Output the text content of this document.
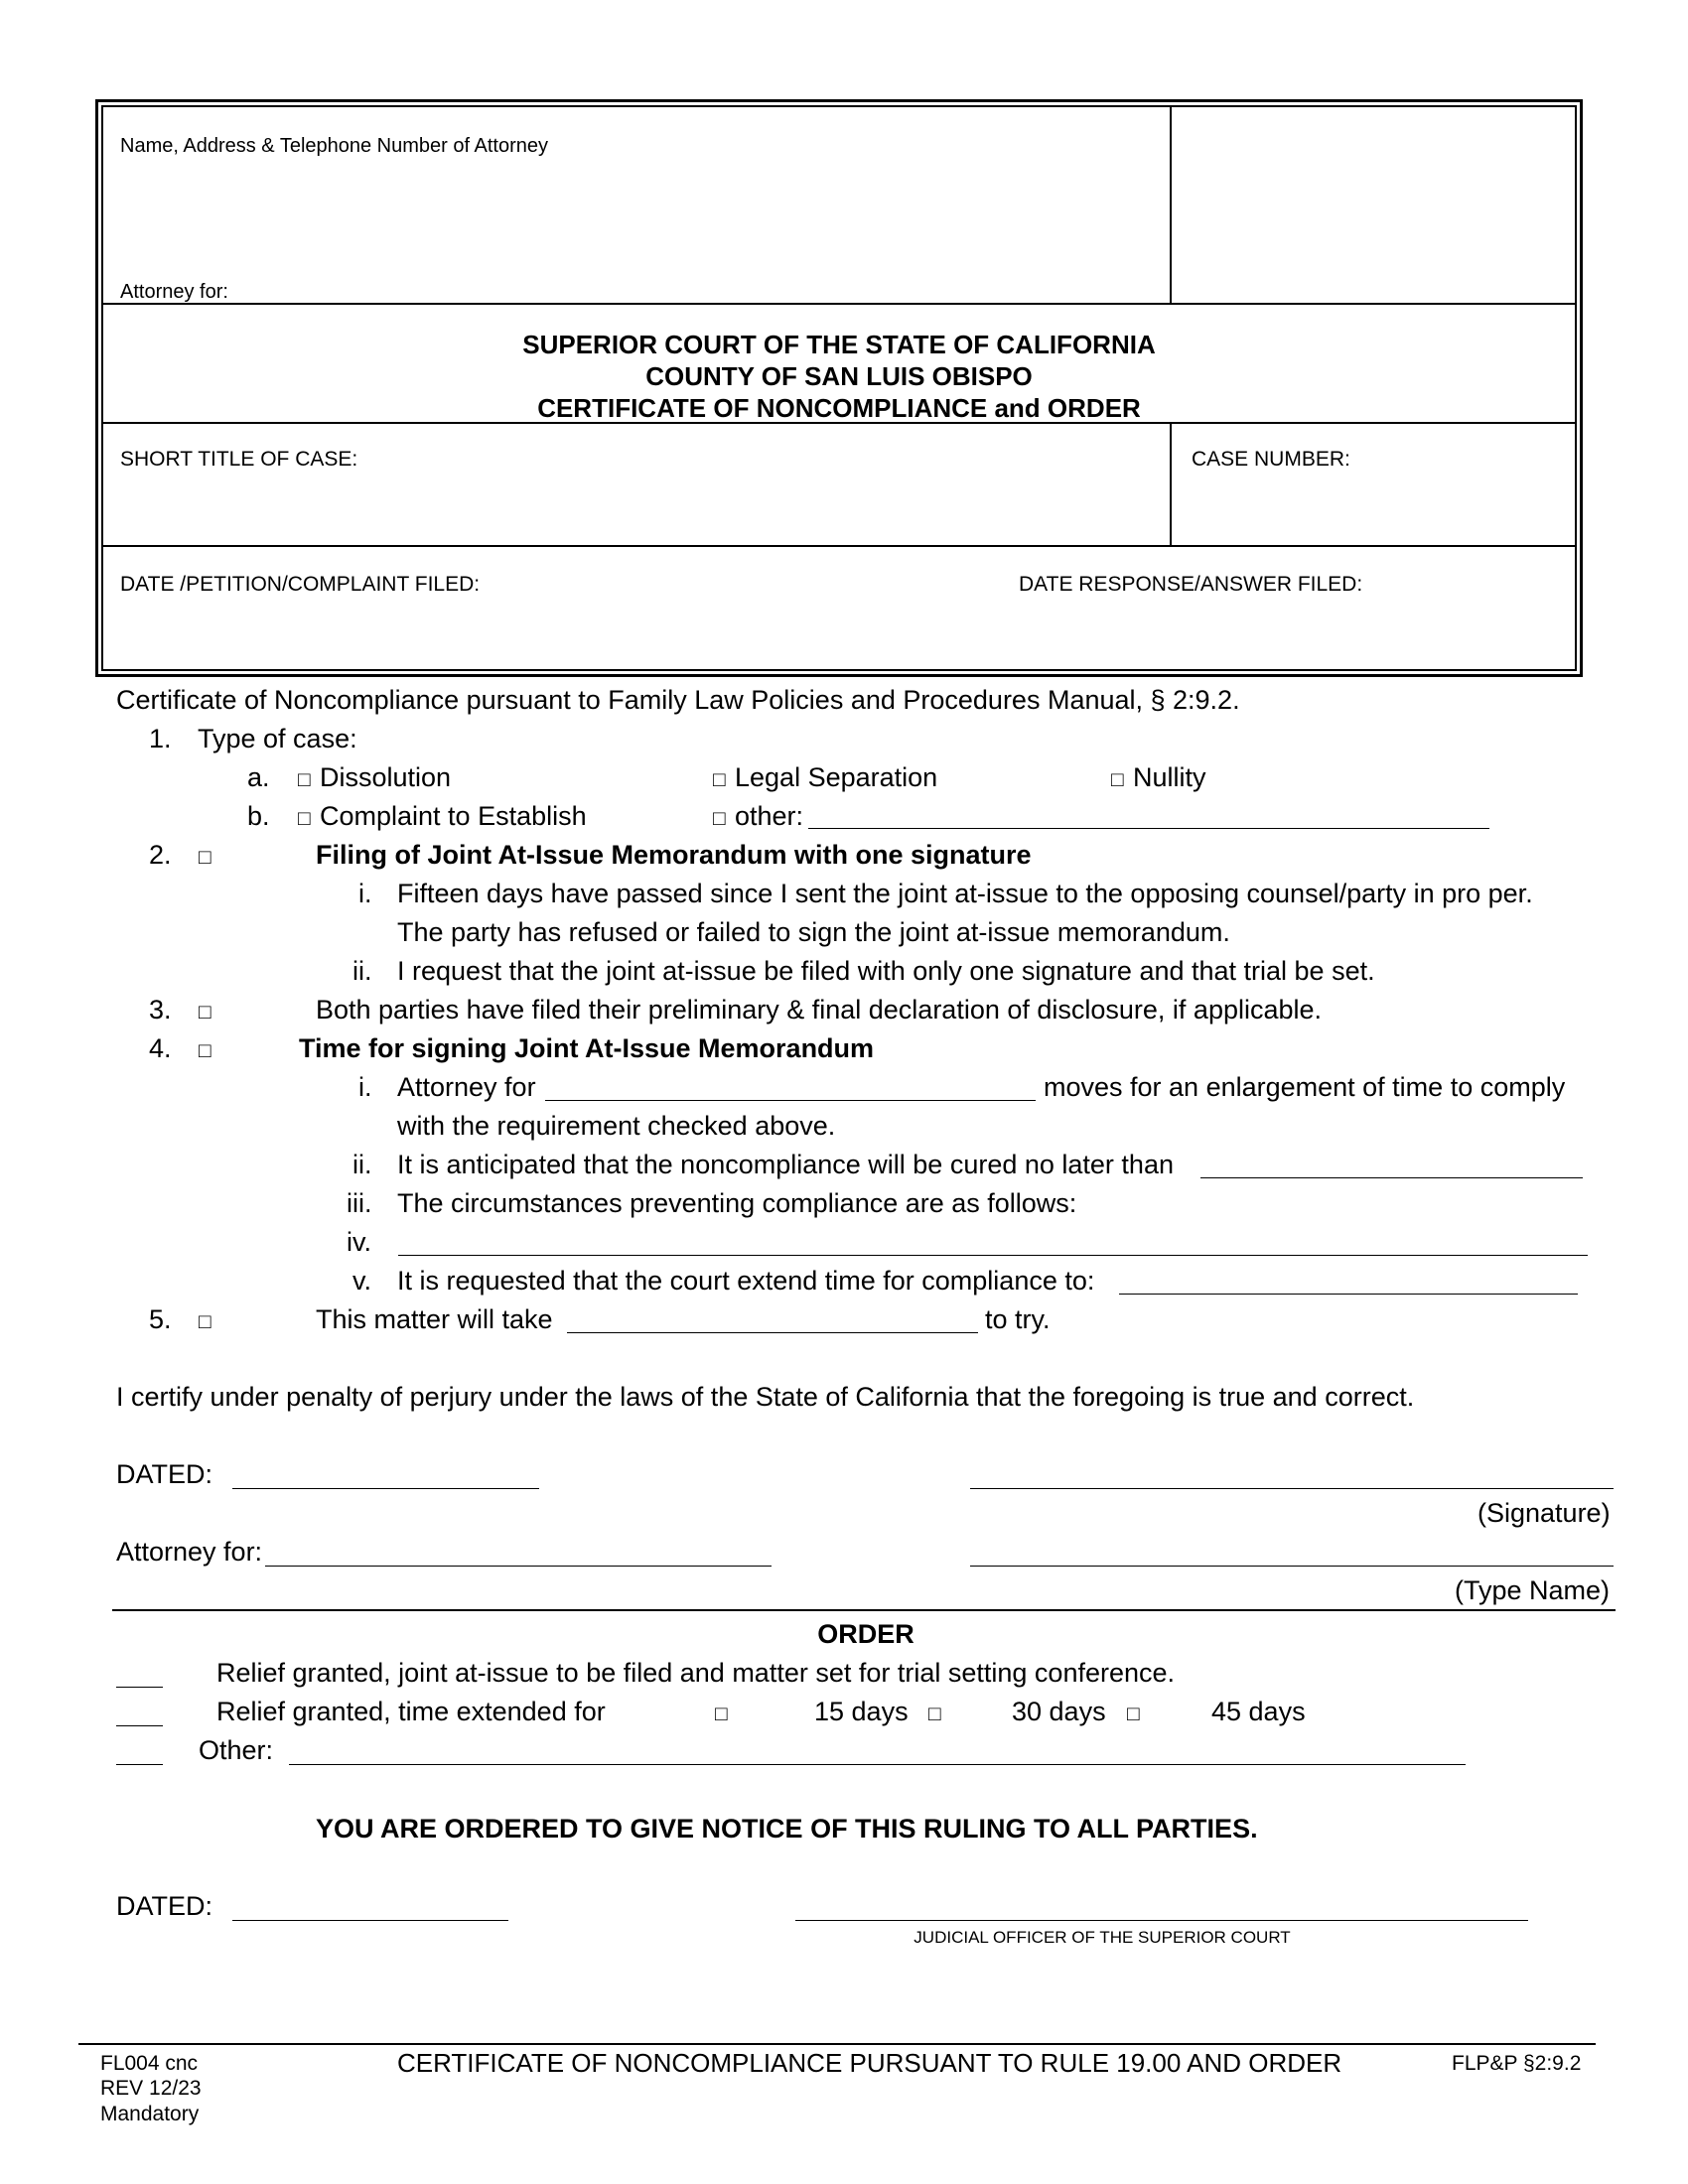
Name, Address & Telephone Number of Attorney
Attorney for:
SUPERIOR COURT OF THE STATE OF CALIFORNIA
COUNTY OF SAN LUIS OBISPO
CERTIFICATE OF NONCOMPLIANCE and ORDER
SHORT TITLE OF CASE:	CASE NUMBER:
DATE /PETITION/COMPLAINT FILED:	DATE RESPONSE/ANSWER FILED:
Certificate of Noncompliance pursuant to Family Law Policies and Procedures Manual, § 2:9.2.
1. Type of case:
a. □ Dissolution	□ Legal Separation	□ Nullity
b. □ Complaint to Establish	□ other:
2. □	Filing of Joint At-Issue Memorandum with one signature
i. Fifteen days have passed since I sent the joint at-issue to the opposing counsel/party in pro per.
The party has refused or failed to sign the joint at-issue memorandum.
ii. I request that the joint at-issue be filed with only one signature and that trial be set.
3. □	Both parties have filed their preliminary & final declaration of disclosure, if applicable.
4. □	Time for signing Joint At-Issue Memorandum
i. Attorney for	moves for an enlargement of time to comply
with the requirement checked above.
ii. It is anticipated that the noncompliance will be cured no later than
iii. The circumstances preventing compliance are as follows:
iv.
v. It is requested that the court extend time for compliance to:
5. □	This matter will take	to try.
I certify under penalty of perjury under the laws of the State of California that the foregoing is true and correct.
DATED:
(Signature)
Attorney for:
(Type Name)
ORDER
Relief granted, joint at-issue to be filed and matter set for trial setting conference.
Relief granted, time extended for	□	15 days □	30 days □	45 days
Other:
YOU ARE ORDERED TO GIVE NOTICE OF THIS RULING TO ALL PARTIES.
DATED:
JUDICIAL OFFICER OF THE SUPERIOR COURT
FL004 cnc
REV 12/23
Mandatory
CERTIFICATE OF NONCOMPLIANCE PURSUANT TO RULE 19.00 AND ORDER	FLP&P §2:9.2
